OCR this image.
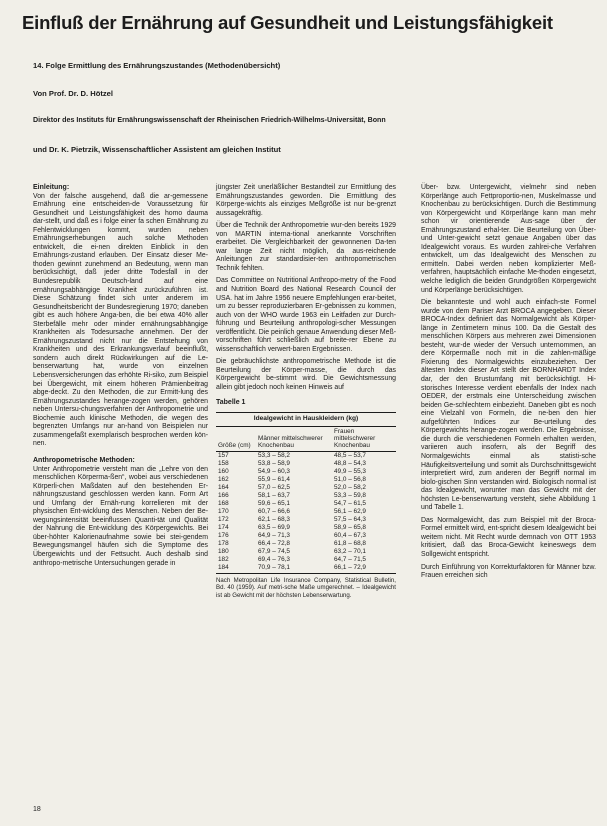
Einfluß der Ernährung auf Gesundheit und Leistungsfähigkeit
14. Folge Ermittlung des Ernährungszustandes (Methodenübersicht)
Von Prof. Dr. D. Hötzel
Direktor des Instituts für Ernährungswissenschaft der Rheinischen Friedrich-Wilhelms-Universität, Bonn
und Dr. K. Pietrzik, Wissenschaftlicher Assistent am gleichen Institut
Einleitung:

Von der falsche ausgehend, daß die ar-gemessene Ernährung eine entscheiden-de Voraussetzung für Gesundheit und Leistungsfähigkeit des homo dauma dar-stellt, und daß es i folge einer fa schen Ernährung zu Fehlentwicklungen kommt, wurden neben Ernährungserhebungen auch solche Methoden entwickelt, die ei-nen direkten Einblick in den Ernährungs-zustand erlauben. Der Einsatz dieser Me-thoden gewinnt zunehmend an Bedeutung, wenn man berücksichtigt, daß jeder dritte Todesfall in der Bundesrepublik Deutsch-land auf eine ernährungsabhängige Krankheit zurückzuführen ist. Diese Schätzung findet sich unter anderem im Gesundheitsbericht der Bundesregierung 1970; daneben gibt es auch höhere Anga-ben, die bei etwa 40% aller Sterbefälle mehr oder minder ernährungsabhängige Krankheiten als Todesursache annehmen. Der der Ernährungszustand nicht nur die Entstehung von Krankheiten und des Erkrankungsverlauf beeinflußt, sondern auch direkt Rückwirkungen auf die Le-benserwartung hat, wurde von einzelnen Lebensversicherungen das erhöhte Ri-siko, zum Beispiel bei Übergewicht, mit einem höheren Prämienbeitrag abge-deckt. Zu den Methoden, die zur Ermitt-lung des Ernährungszustandes herange-zogen werden, gehören neben Untersu-chungsverfahren der Anthropometrie und Biochemie auch klinische Methoden, die wegen des begrenzten Umfangs nur an-hand von Beispielen nur zusammengefaßt exemplarisch besprochen werden kön-nen.

Anthropometrische Methoden:

Unter Anthropometrie versteht man die „Lehre von den menschlichen Körperma-ßen“, wobei aus verschiedenen Körperli-chen Maßdaten auf den bestehenden Er-nährungszustand geschlossen werden kann. Form Art und Umfang der Ernäh-rung korrelieren mit der physischen Ent-wicklung des Menschen. Neben der Be-wegungsintensität beeinflussen Quanti-tät und Qualität der Nahrung die Ent-wicklung des Körpergewichts. Bei über-höhter Kalorienaufnahme sowie bei stei-gendem Bewegungsmangel häufen sich die Symptome des Übergewichts und der Fettsucht. Auch deshalb sind anthropo-metrische Untersuchungen gerade in

jüngster Zeit unerläßlicher Bestandteil zur Ermittlung des Ernährungszustandes geworden. Die Ermittlung des Körperge-wichts als einziges Meßgröße ist nur be-grenzt aussagekräftig.

Über die Technik der Anthropometrie wur-den bereits 1929 von MARTIN interna-tional anerkannte Vorschriften erarbeitet. Die Vergleichbarkeit der gewonnenen Da-ten war lange Zeit nicht möglich, da aus-reichende Anleitungen zur standardisier-ten anthropometrischen Technik fehlten.

Das Committee on Nutritional Anthropo-metry of the Food and Nutrition Board des National Research Council der USA. hat im Jahre 1956 neuere Empfehlungen erar-beitet, um zu besser reproduzierbaren Er-gebnissen zu kommen, auch von der WHO wurde 1963 ein Leitfaden zur Durch-führung und Beurteilung anthropologi-scher Messungen veröffentlicht. Die peinlich genaue Anwendung dieser Meß-vorschriften führt schließlich auf breite-rer Ebene zu wissenschaftlich verwert-baren Ergebnissen.

Die gebräuchlichste anthropometrische Methode ist die Beurteilung der Körper-masse, die durch das Körpergewicht be-stimmt wird. Die Gewichtsmessung allein gibt jedoch noch keinen Hinweis auf

Tabelle 1
Idealgewicht in Hauskleidern (kg)
Größe (cm)	Männer mittelschwerer Knochenbau	Frauen mittelschwerer Knochenbau
157	53,3 – 58,2	48,5 – 53,7
158	53,8 – 58,9	48,8 – 54,3
160	54,9 – 60,3	49,9 – 55,3
162	55,9 – 61,4	51,0 – 56,8
164	57,0 – 62,5	52,0 – 58,2
166	58,1 – 63,7	53,3 – 59,8
168	59,6 – 65,1	54,7 – 61,5
170	60,7 – 66,6	56,1 – 62,9
172	62,1 – 68,3	57,5 – 64,3
174	63,5 – 69,9	58,9 – 65,8
176	64,9 – 71,3	60,4 – 67,3
178	66,4 – 72,8	61,8 – 68,8
180	67,9 – 74,5	63,2 – 70,1
182	69,4 – 76,3	64,7 – 71,5
184	70,9 – 78,1	66,1 – 72,9
Nach Metropolitan Life Insurance Company, Statistical Bulletin, Bd. 40 (1959). Auf metri-sche Maße umgerechnet. – Idealgewicht ist ab Gewicht mit der höchsten Lebenserwartung.

Über- bzw. Untergewicht, vielmehr sind neben Körperlänge auch Fettproportio-nen, Muskelmasse und Knochenbau zu berücksichtigen. Durch die Bestimmung von Körpergewicht und Körperlänge kann man mehr schon vir orientierende Aus-sage über der Ernährungszustand erhal-ter. Die Beurteilung von Über- und Unter-gewicht setzt genaue Angaben über das Idealgewicht voraus. Es wurden zahlrei-che Verfahren entwickelt, um das Idealgewicht des Menschen zu ermitteln. Dabei werden neben komplizierter Meß-verfahren, hauptsächlich einfache Me-thoden eingesetzt, welche lediglich die beiden Grundgrößen Körpergewicht und Körperlänge berücksichtigen.

Die bekannteste und wohl auch einfach-ste Formel wurde von dem Pariser Arzt BROCA angegeben. Dieser BROCA-Index definiert das Normalgewicht als Körper-länge in Zentimetern minus 100. Da die Gestalt des menschlichen Körpers aus mehreren zwei Dimensionen besteht, wur-de wieder der Versuch unternommen, an dere Körpermaße noch mit in die zahlen-mäßige Fixierung des Normalgewichts einzubeziehen. Der ältesten Index dieser Art stellt der BORNHARDT Index dar, der den Brustumfang mit berücksichtigt. Hi-storisches Interesse verdient ebenfalls der Index nach OEDER, der erstmals eine Unterscheidung zwischen beiden Ge-schlechtern einbezieht. Daneben gibt es noch eine Vielzahl von Formeln, die ne-ben den hier aufgeführten Indices zur Be-urteilung des Körpergewichts herange-zogen werden. Die Ergebnisse, die durch die verschiedenen Formeln erhalten werden, variieren auch insofern, als der Begriff des Normalgewichts einmal als statisti-sche Häufigkeitsverteilung und somit als Durchschnittsgewicht interpretiert wird, zum anderen der Begriff normal im biolo-gischen Sinn verstanden wird. Biologisch normal ist das Idealgewicht, worunter man das Gewicht mit der höchsten Le-benserwartung versteht, siehe Abbildung 1 und Tabelle 1.

Das Normalgewicht, das zum Beispiel mit der Broca-Formel ermittelt wird, ent-spricht diesem Idealgewicht bei weitem nicht. Mit Recht wurde demnach von OTT 1953 kritisiert, daß das Broca-Gewicht keineswegs dem Sollgewicht entspricht.

Durch Einführung von Korrekturfaktoren für Männer bzw. Frauen erreichen sich

18
